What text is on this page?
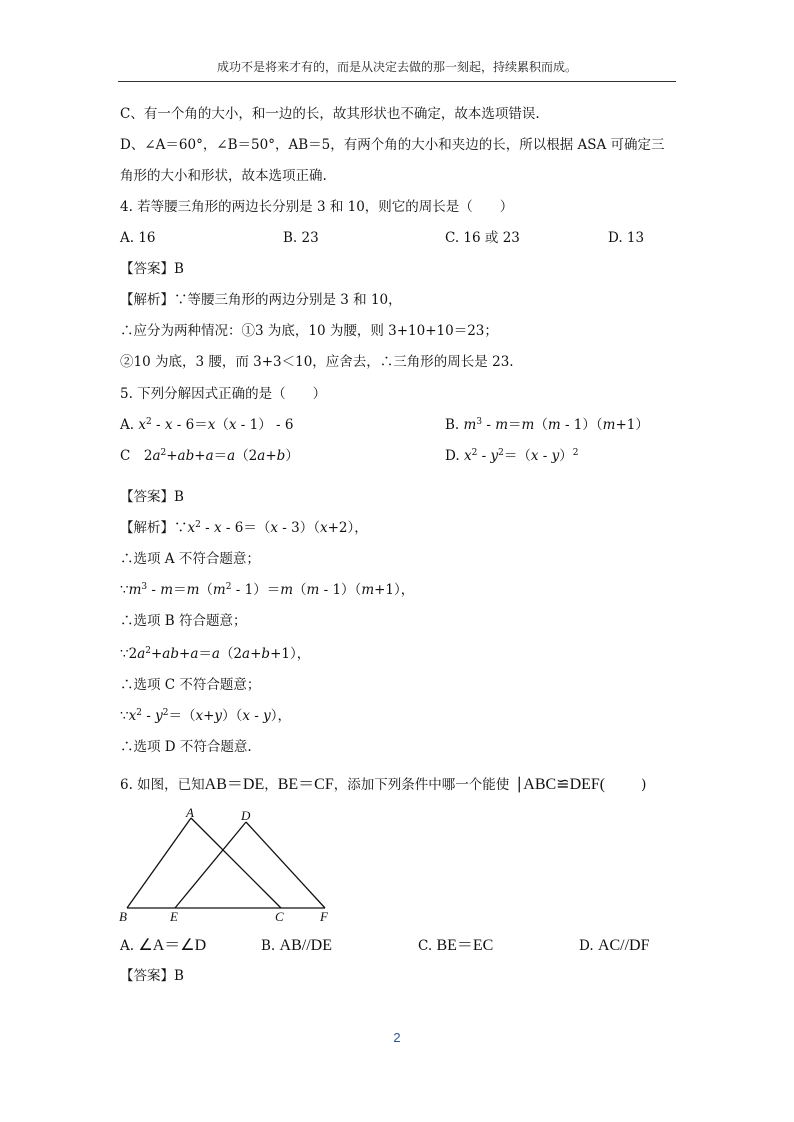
成功不是将来才有的，而是从决定去做的那一刻起，持续累积而成。
C、有一个角的大小，和一边的长，故其形状也不确定，故本选项错误.
D、∠A＝60°，∠B＝50°，AB＝5，有两个角的大小和夹边的长，所以根据 ASA 可确定三
角形的大小和形状，故本选项正确.
4. 若等腰三角形的两边长分别是 3 和 10，则它的周长是（　　）
A. 16	B. 23	C. 16 或 23	D. 13
【答案】B
【解析】∵等腰三角形的两边分别是 3 和 10，
∴应分为两种情况：①3 为底，10 为腰，则 3+10+10＝23；
②10 为底，3 腰，而 3+3＜10，应舍去，∴三角形的周长是 23.
5. 下列分解因式正确的是（　　）
A. $x^2 - x - 6=x(x - 1) - 6$	B. $m^3 - m=m(m - 1)(m+1)$
C　$2a^2+ab+a=a(2a+b)$	D. $x^2 - y^2=(x - y)^2$
【答案】B
【解析】$\because x^2 - x - 6=(x - 3)(x+2)$，
∴选项 A 不符合题意；
$\because m^3 - m=m(m^2 - 1)=m(m - 1)(m+1)$，
∴选项 B 符合题意；
$\because 2a^2+ab+a=a(2a+b+1)$，
∴选项 C 不符合题意；
$\because x^2 - y^2=(x+y)(x - y)$，
∴选项 D 不符合题意.
6. 如图，已知AB＝DE，BE＝CF，添加下列条件中哪一个能使 ∣ABC≌DEF(	)
A	D
B	E	C	F
A. ∠A＝∠D	B. AB//DE	C. BE＝EC	D. AC//DF
【答案】B
2
